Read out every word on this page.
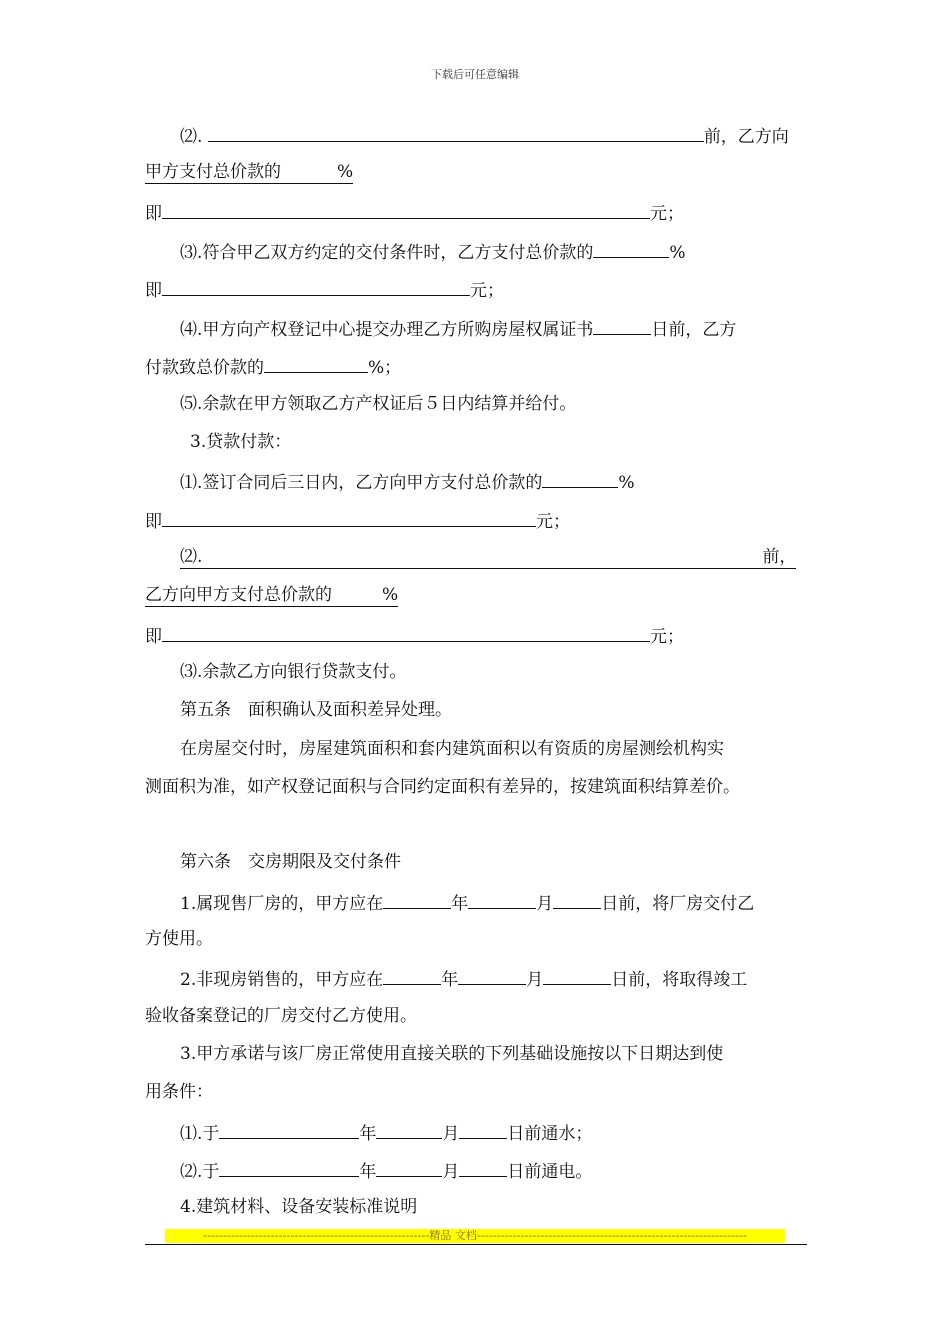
下载后可任意编辑
⑵.	前，乙方向
甲方支付总价款的	%
即	元；
⑶.符合甲乙双方约定的交付条件时，乙方支付总价款的	%
即	元；
⑷.甲方向产权登记中心提交办理乙方所购房屋权属证书	日前，乙方
付款致总价款的	%；
⑸.余款在甲方领取乙方产权证后５日内结算并给付。
3.贷款付款：
⑴.签订合同后三日内，乙方向甲方支付总价款的	%
即	元；
⑵.	前，
乙方向甲方支付总价款的	%
即	元；
⑶.余款乙方向银行贷款支付。
第五条　面积确认及面积差异处理。
在房屋交付时，房屋建筑面积和套内建筑面积以有资质的房屋测绘机构实
测面积为准，如产权登记面积与合同约定面积有差异的，按建筑面积结算差价。
第六条　交房期限及交付条件
1.属现售厂房的，甲方应在	年	月	日前，将厂房交付乙
方使用。
2.非现房销售的，甲方应在	年	月	日前，将取得竣工
验收备案登记的厂房交付乙方使用。
3.甲方承诺与该厂房正常使用直接关联的下列基础设施按以下日期达到使
用条件：
⑴.于	年	月	日前通水；
⑵.于	年	月	日前通电。
4.建筑材料、设备安装标准说明
---------------------------------------------------------精品 文档--------------------------------------------------------------------
